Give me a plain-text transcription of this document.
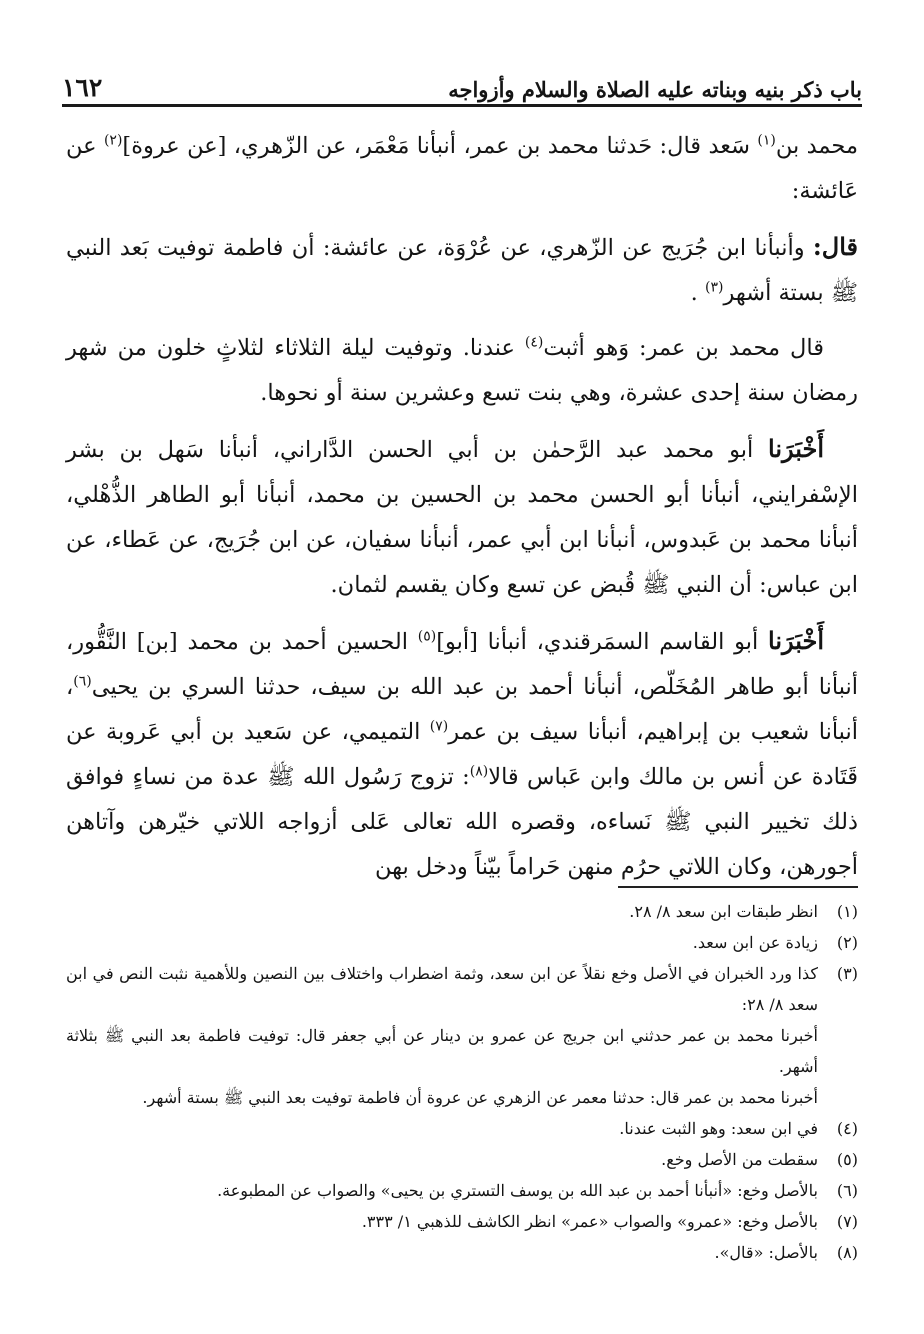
١٦٢	باب ذكر بنيه وبناته عليه الصلاة والسلام وأزواجه

محمد بن$^{(١)}$ سَعد قال: حَدثنا محمد بن عمر، أنبأنا مَعْمَر، عن الزّهري، [عن عروة]$^{(٢)}$ عن عَائشة:

قال: وأنبأنا ابن جُرَيج عن الزّهري، عن عُرْوَة، عن عائشة: أن فاطمة توفيت بَعد النبي ﷺ بستة أشهر$^{(٣)}$ .

قال محمد بن عمر: وَهو أثبت$^{(٤)}$ عندنا. وتوفيت ليلة الثلاثاء لثلاثٍ خلون من شهر رمضان سنة إحدى عشرة، وهي بنت تسع وعشرين سنة أو نحوها.

أَخْبَرَنا أبو محمد عبد الرَّحمٰن بن أبي الحسن الدَّاراني، أنبأنا سَهل بن بشر الإسْفرايني، أنبأنا أبو الحسن محمد بن الحسين بن محمد، أنبأنا أبو الطاهر الذُّهْلي، أنبأنا محمد بن عَبدوس، أنبأنا ابن أبي عمر، أنبأنا سفيان، عن ابن جُرَيج، عن عَطاء، عن ابن عباس: أن النبي ﷺ قُبض عن تسع وكان يقسم لثمان.

أَخْبَرَنا أبو القاسم السمَرقندي، أنبأنا [أبو]$^{(٥)}$ الحسين أحمد بن محمد [بن] النَّقُّور، أنبأنا أبو طاهر المُخَلّص، أنبأنا أحمد بن عبد الله بن سيف، حدثنا السري بن يحيى$^{(٦)}$، أنبأنا شعيب بن إبراهيم، أنبأنا سيف بن عمر$^{(٧)}$ التميمي، عن سَعيد بن أبي عَروبة عن قَتَادة عن أنس بن مالك وابن عَباس قالا$^{(٨)}$: تزوج رَسُول الله ﷺ عدة من نساءٍ فوافق ذلك تخيير النبي ﷺ نَساءه، وقصره الله تعالى عَلى أزواجه اللاتي خيّرهن وآتاهن أجورهن، وكان اللاتي حرُم منهن حَراماً بيّناً ودخل بهن

(١)
انظر طبقات ابن سعد ٨/ ٢٨.
(٢)
زيادة عن ابن سعد.
(٣)
كذا ورد الخبران في الأصل وخع نقلاً عن ابن سعد، وثمة اضطراب واختلاف بين النصين وللأهمية نثبت النص في ابن سعد ٨/ ٢٨:
أخبرنا محمد بن عمر حدثني ابن جريج عن عمرو بن دينار عن أبي جعفر قال: توفيت فاطمة بعد النبي ﷺ بثلاثة أشهر.
أخبرنا محمد بن عمر قال: حدثنا معمر عن الزهري عن عروة أن فاطمة توفيت بعد النبي ﷺ بستة أشهر.
(٤)
في ابن سعد: وهو الثبت عندنا.
(٥)
سقطت من الأصل وخع.
(٦)
بالأصل وخع: «أنبأنا أحمد بن عبد الله بن يوسف التستري بن يحيى» والصواب عن المطبوعة.
(٧)
بالأصل وخع: «عمرو» والصواب «عمر» انظر الكاشف للذهبي ١/ ٣٣٣.
(٨)
بالأصل: «قال».
